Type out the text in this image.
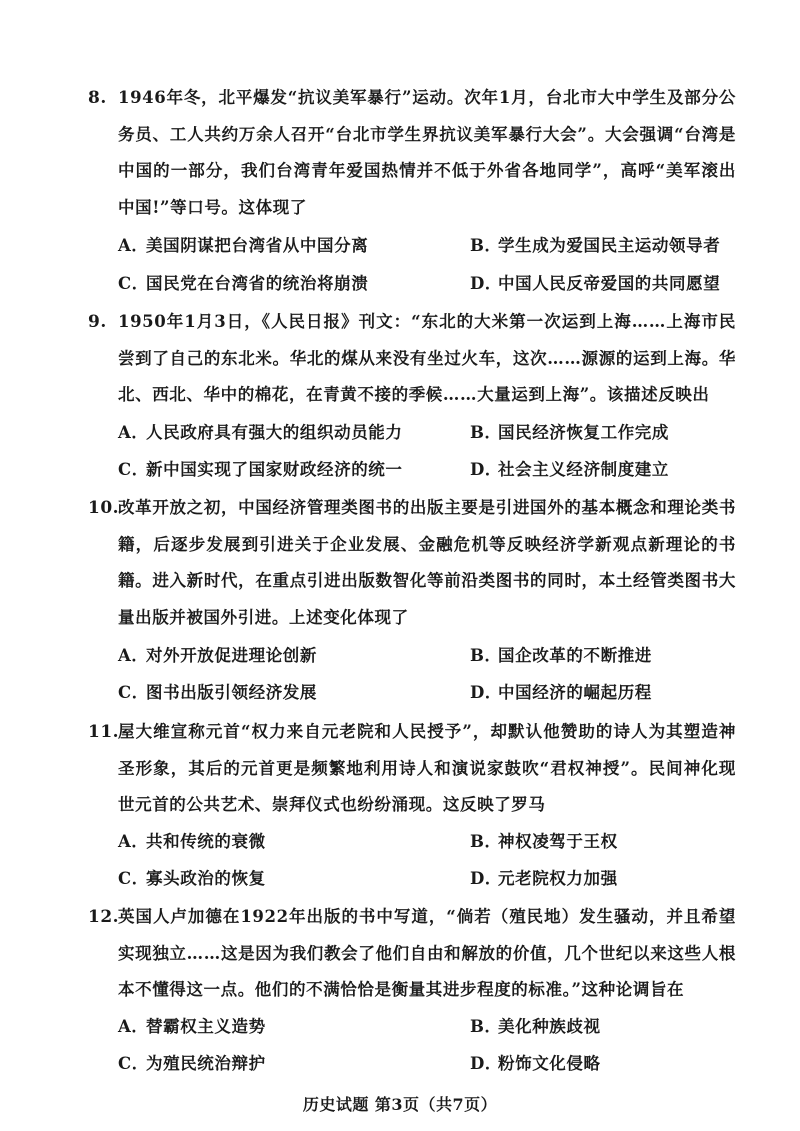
8. 1946年冬，北平爆发“抗议美军暴行”运动。次年1月，台北市大中学生及部分公务员、工人共约万余人召开“台北市学生界抗议美军暴行大会”。大会强调“台湾是中国的一部分，我们台湾青年爱国热情并不低于外省各地同学”，高呼“美军滚出中国!”等口号。这体现了
A．美国阴谋把台湾省从中国分离	B．学生成为爱国民主运动领导者
C．国民党在台湾省的统治将崩溃	D．中国人民反帝爱国的共同愿望
9. 1950年1月3日，《人民日报》刊文：“东北的大米第一次运到上海……上海市民尝到了自己的东北米。华北的煤从来没有坐过火车，这次……源源的运到上海。华北、西北、华中的棉花，在青黄不接的季候……大量运到上海”。该描述反映出
A．人民政府具有强大的组织动员能力	B．国民经济恢复工作完成
C．新中国实现了国家财政经济的统一	D．社会主义经济制度建立
10.
改革开放之初，中国经济管理类图书的出版主要是引进国外的基本概念和理论类书籍，后逐步发展到引进关于企业发展、金融危机等反映经济学新观点新理论的书籍。进入新时代，在重点引进出版数智化等前沿类图书的同时，本土经管类图书大量出版并被国外引进。上述变化体现了
A．对外开放促进理论创新	B．国企改革的不断推进
C．图书出版引领经济发展	D．中国经济的崛起历程
11.
屋大维宣称元首“权力来自元老院和人民授予”，却默认他赞助的诗人为其塑造神圣形象，其后的元首更是频繁地利用诗人和演说家鼓吹“君权神授”。民间神化现世元首的公共艺术、崇拜仪式也纷纷涌现。这反映了罗马
A．共和传统的衰微	B．神权凌驾于王权
C．寡头政治的恢复	D．元老院权力加强
12.
英国人卢加德在1922年出版的书中写道，“倘若（殖民地）发生骚动，并且希望实现独立……这是因为我们教会了他们自由和解放的价值，几个世纪以来这些人根本不懂得这一点。他们的不满恰恰是衡量其进步程度的标准。”这种论调旨在
A．替霸权主义造势	B．美化种族歧视
C．为殖民统治辩护	D．粉饰文化侵略
历史试题 第3页（共7页）
